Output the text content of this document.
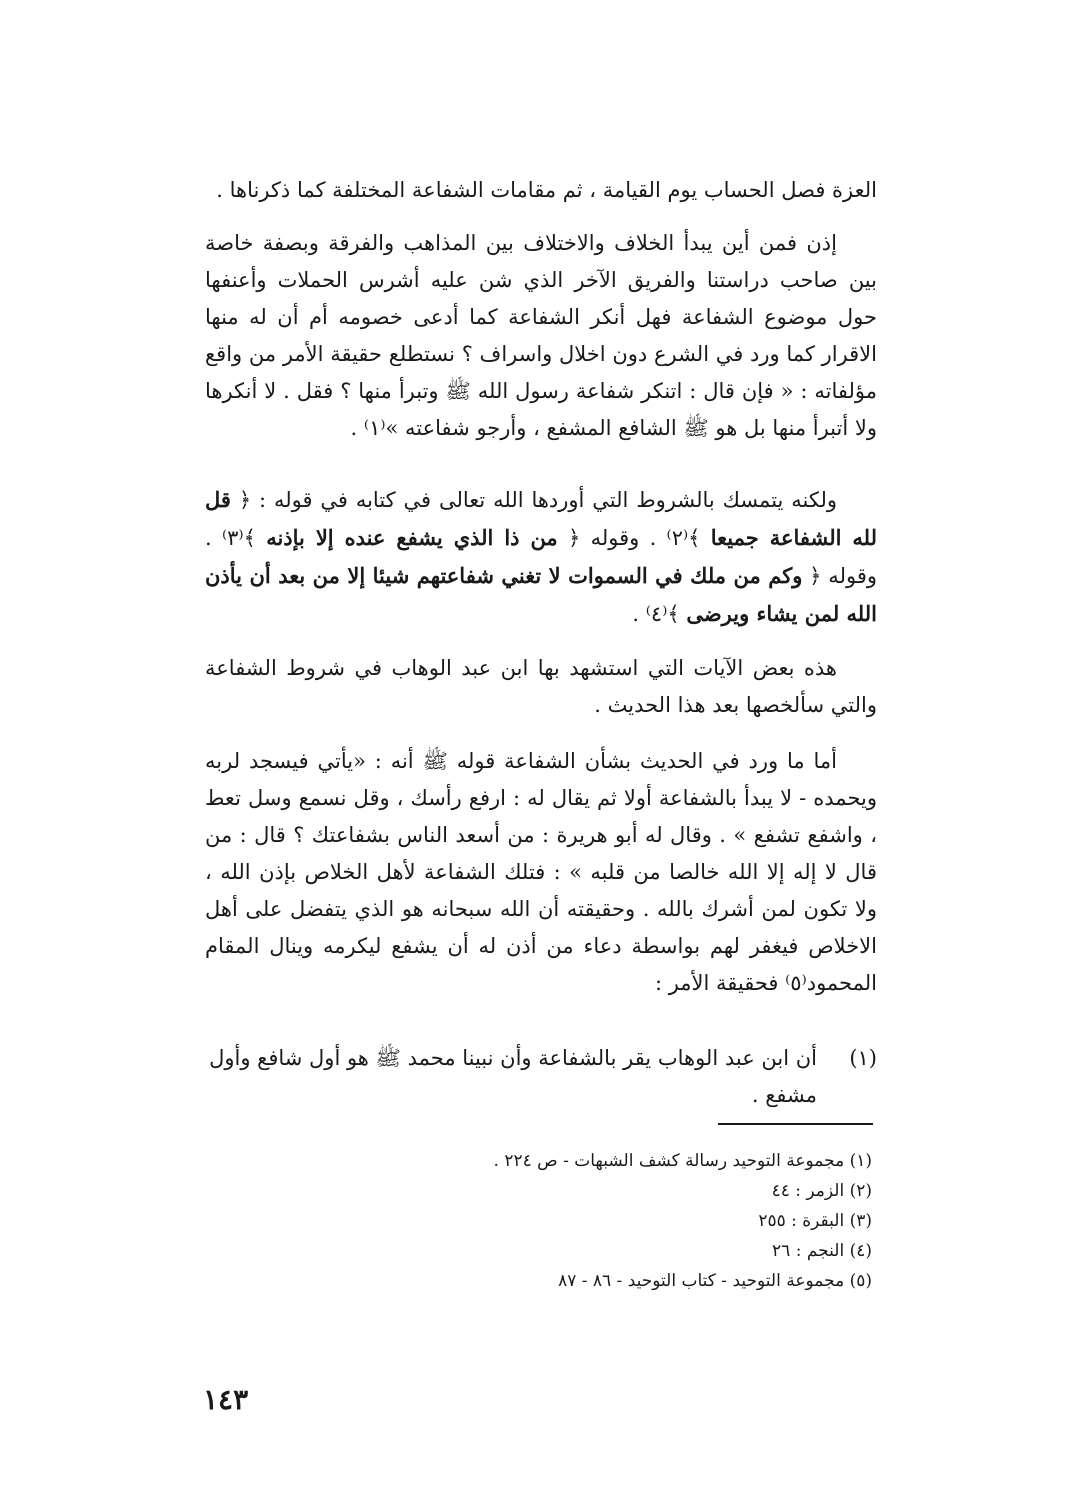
العزة فصل الحساب يوم القيامة ، ثم مقامات الشفاعة المختلفة كما ذكرناها .
إذن فمن أين يبدأ الخلاف والاختلاف بين المذاهب والفرقة وبصفة خاصة بين صاحب دراستنا والفريق الآخر الذي شن عليه أشرس الحملات وأعنفها حول موضوع الشفاعة فهل أنكر الشفاعة كما أدعى خصومه أم أن له منها الاقرار كما ورد في الشرع دون اخلال واسراف ؟ نستطلع حقيقة الأمر من واقع مؤلفاته : « فإن قال : اتنكر شفاعة رسول الله ﷺ وتبرأ منها ؟ فقل . لا أنكرها ولا أتبرأ منها بل هو ﷺ الشافع المشفع ، وأرجو شفاعته »⁽١⁾ .
ولكنه يتمسك بالشروط التي أوردها الله تعالى في كتابه في قوله : ﴿ قل لله الشفاعة جميعا ﴾⁽٢⁾ . وقوله ﴿ من ذا الذي يشفع عنده إلا بإذنه ﴾⁽٣⁾ . وقوله ﴿ وكم من ملك في السموات لا تغني شفاعتهم شيئا إلا من بعد أن يأذن الله لمن يشاء ويرضى ﴾⁽٤⁾ .
هذه بعض الآيات التي استشهد بها ابن عبد الوهاب في شروط الشفاعة والتي سألخصها بعد هذا الحديث .
أما ما ورد في الحديث بشأن الشفاعة قوله ﷺ أنه : «يأتي فيسجد لربه ويحمده - لا يبدأ بالشفاعة أولا ثم يقال له : ارفع رأسك ، وقل نسمع وسل تعط ، واشفع تشفع » . وقال له أبو هريرة : من أسعد الناس بشفاعتك ؟ قال : من قال لا إله إلا الله خالصا من قلبه » : فتلك الشفاعة لأهل الخلاص بإذن الله ، ولا تكون لمن أشرك بالله . وحقيقته أن الله سبحانه هو الذي يتفضل على أهل الاخلاص فيغفر لهم بواسطة دعاء من أذن له أن يشفع ليكرمه وينال المقام المحمود⁽٥⁾ فحقيقة الأمر :
(١)
أن ابن عبد الوهاب يقر بالشفاعة وأن نبينا محمد ﷺ هو أول شافع وأول مشفع .
(١) مجموعة التوحيد رسالة كشف الشبهات - ص ٢٢٤ .
(٢) الزمر : ٤٤
(٣) البقرة : ٢٥٥
(٤) النجم : ٢٦
(٥) مجموعة التوحيد - كتاب التوحيد - ٨٦ - ٨٧
١٤٣
